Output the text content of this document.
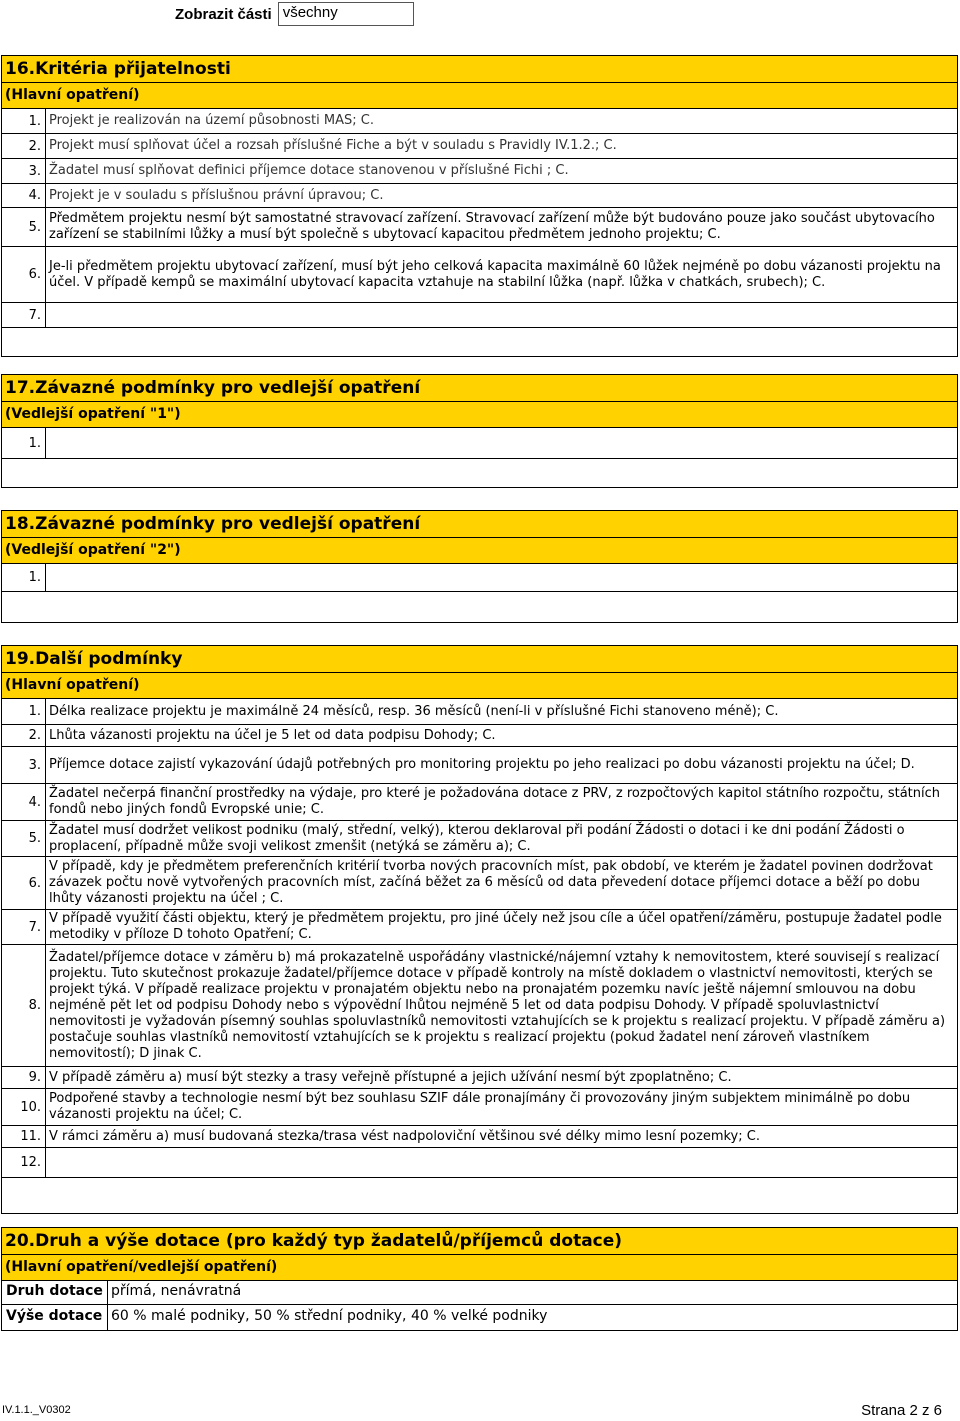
Zobrazit části všechny
16.Kritéria přijatelnosti
(Hlavní opatření)
1. Projekt je realizován na území působnosti MAS; C.
2. Projekt musí splňovat účel a rozsah příslušné Fiche a být v souladu s Pravidly IV.1.2.; C.
3. Žadatel musí splňovat definici příjemce dotace stanovenou v příslušné Fichi ; C.
4. Projekt je v souladu s příslušnou právní úpravou; C.
5.
Předmětem projektu nesmí být samostatné stravovací zařízení. Stravovací zařízení může být budováno pouze jako součást ubytovacího zařízení se stabilními lůžky a musí být společně s ubytovací kapacitou předmětem jednoho projektu; C.
6.
Je-li předmětem projektu ubytovací zařízení, musí být jeho celková kapacita maximálně 60 lůžek nejméně po dobu vázanosti projektu na účel. V případě kempů se maximální ubytovací kapacita vztahuje na stabilní lůžka (např. lůžka v chatkách, srubech); C.
7.
17.Závazné podmínky pro vedlejší opatření
(Vedlejší opatření "1")
1.
18.Závazné podmínky pro vedlejší opatření
(Vedlejší opatření "2")
1.
19.Další podmínky
(Hlavní opatření)
1. Délka realizace projektu je maximálně 24 měsíců, resp. 36 měsíců (není-li v příslušné Fichi stanoveno méně); C.
2. Lhůta vázanosti projektu na účel je 5 let od data podpisu Dohody; C.
3. Příjemce dotace zajistí vykazování údajů potřebných pro monitoring projektu po jeho realizaci po dobu vázanosti projektu na účel; D.
4.
Žadatel nečerpá finanční prostředky na výdaje, pro které je požadována dotace z PRV, z rozpočtových kapitol státního rozpočtu, státních fondů nebo jiných fondů Evropské unie; C.
5.
Žadatel musí dodržet velikost podniku (malý, střední, velký), kterou deklaroval při podání Žádosti o dotaci i ke dni podání Žádosti o proplacení, případně může svoji velikost zmenšit (netýká se záměru a); C.
6.
V případě, kdy je předmětem preferenčních kritérií tvorba nových pracovních míst, pak období, ve kterém je žadatel povinen dodržovat závazek počtu nově vytvořených pracovních míst, začíná běžet za 6 měsíců od data převedení dotace příjemci dotace a běží po dobu lhůty vázanosti projektu na účel ; C.
7.
V případě využití části objektu, který je předmětem projektu, pro jiné účely než jsou cíle a účel opatření/záměru, postupuje žadatel podle metodiky v příloze D tohoto Opatření; C.
8.
Žadatel/příjemce dotace v záměru b) má prokazatelně uspořádány vlastnické/nájemní vztahy k nemovitostem, které souvisejí s realizací projektu. Tuto skutečnost prokazuje žadatel/příjemce dotace v případě kontroly na místě dokladem o vlastnictví nemovitosti, kterých se projekt týká. V případě realizace projektu v pronajatém objektu nebo na pronajatém pozemku navíc ještě nájemní smlouvou na dobu nejméně pět let od podpisu Dohody nebo s výpovědní lhůtou nejméně 5 let od data podpisu Dohody. V případě spoluvlastnictví nemovitosti je vyžadován písemný souhlas spoluvlastníků nemovitosti vztahujících se k projektu s realizací projektu. V případě záměru a) postačuje souhlas vlastníků nemovitostí vztahujících se k projektu s realizací projektu (pokud žadatel není zároveň vlastníkem nemovitostí); D jinak C.
9. V případě záměru a) musí být stezky a trasy veřejně přístupné a jejich užívání nesmí být zpoplatněno; C.
10.
Podpořené stavby a technologie nesmí být bez souhlasu SZIF dále pronajímány či provozovány jiným subjektem minimálně po dobu vázanosti projektu na účel; C.
11. V rámci záměru a) musí budovaná stezka/trasa vést nadpoloviční většinou své délky mimo lesní pozemky; C.
12.
20.Druh a výše dotace (pro každý typ žadatelů/příjemců dotace)
(Hlavní opatření/vedlejší opatření)
Druh dotace přímá, nenávratná
Výše dotace 60 % malé podniky, 50 % střední podniky, 40 % velké podniky
IV.1.1._V0302	Strana 2 z 6
